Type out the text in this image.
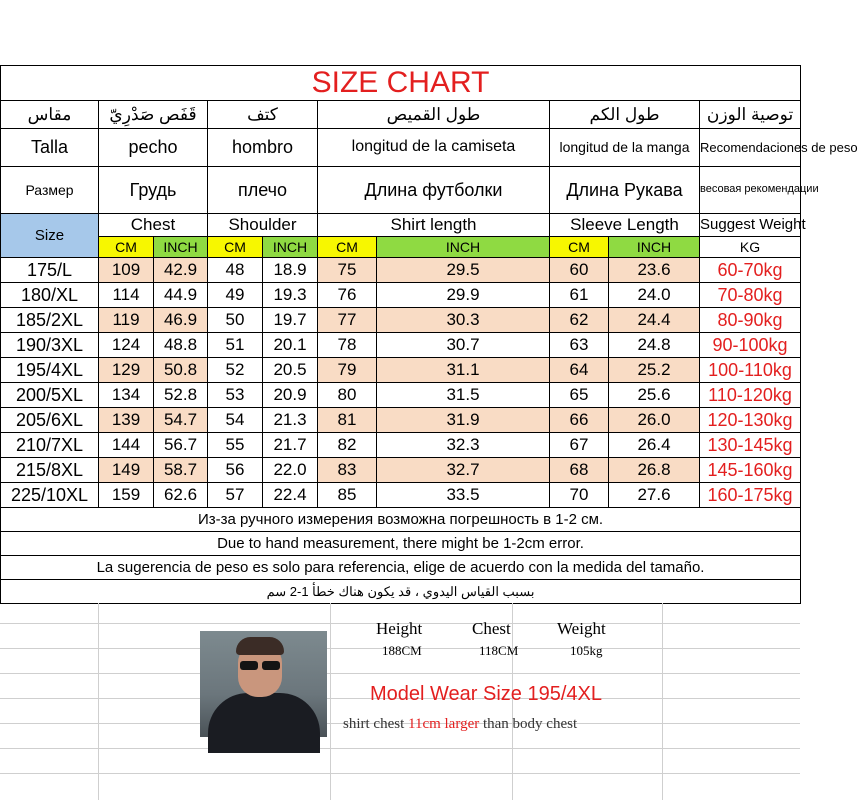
SIZE CHART									
مقاس	قَفَص صَدْرِيّ		كتف		طول القميص		طول الكم		توصية الوزن
Talla	pecho		hombro		longitud de la camiseta		longitud de la manga		Recomendaciones de peso
Размер	Грудь		плечо		Длина футболки		Длина Рукава		весовая рекомендации
Size	Chest		Shoulder		Shirt length		Sleeve Length		Suggest Weight
	CM	INCH	CM	INCH	CM	INCH	CM	INCH	KG
175/L	109	42.9	48	18.9	75	29.5	60	23.6	60-70kg
180/XL	114	44.9	49	19.3	76	29.9	61	24.0	70-80kg
185/2XL	119	46.9	50	19.7	77	30.3	62	24.4	80-90kg
190/3XL	124	48.8	51	20.1	78	30.7	63	24.8	90-100kg
195/4XL	129	50.8	52	20.5	79	31.1	64	25.2	100-110kg
200/5XL	134	52.8	53	20.9	80	31.5	65	25.6	110-120kg
205/6XL	139	54.7	54	21.3	81	31.9	66	26.0	120-130kg
210/7XL	144	56.7	55	21.7	82	32.3	67	26.4	130-145kg
215/8XL	149	58.7	56	22.0	83	32.7	68	26.8	145-160kg
225/10XL	159	62.6	57	22.4	85	33.5	70	27.6	160-175kg
Из-за ручного измерения возможна погрешность в 1-2 см.									
Due to hand measurement, there might be 1-2cm error.									
La sugerencia de peso es solo para referencia, elige de acuerdo con la medida del tamaño.									
بسبب القياس اليدوي ، قد يكون هناك خطأ 1-2 سم									
Height
188CM
Chest
118CM
Weight
105kg
Model Wear Size 195/4XL
shirt chest 11cm larger than body chest
